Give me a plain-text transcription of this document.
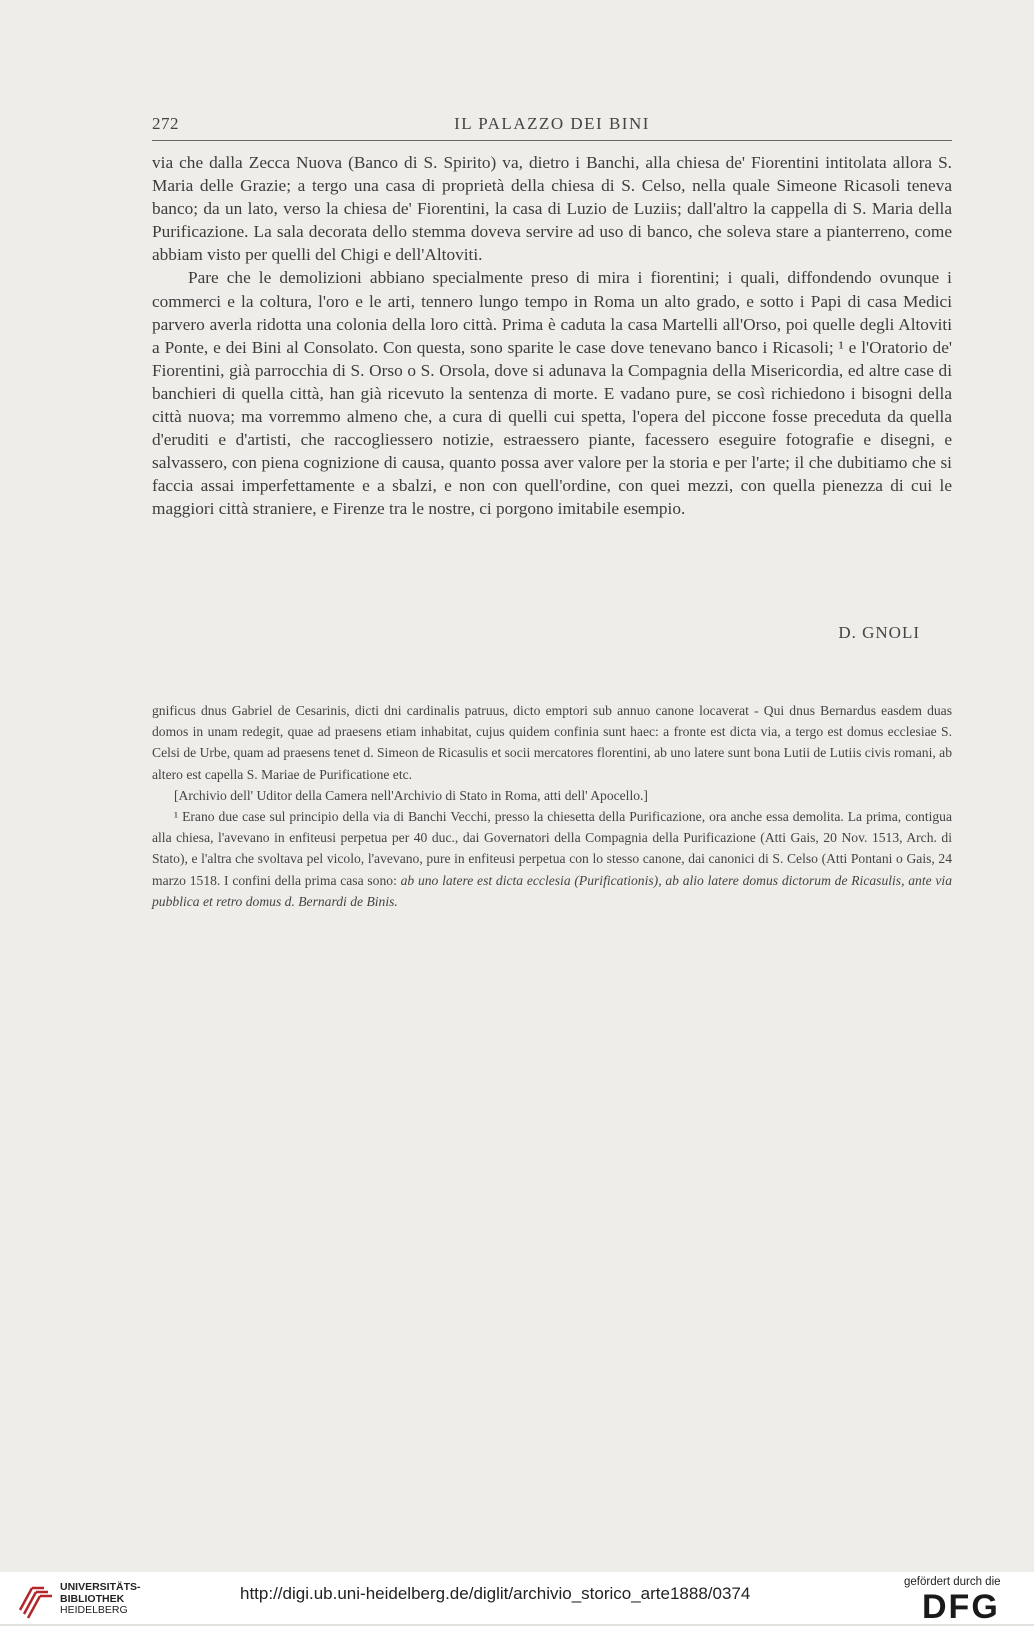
272	IL PALAZZO DEI BINI

via che dalla Zecca Nuova (Banco di S. Spirito) va, dietro i Banchi, alla chiesa de' Fiorentini intitolata allora S. Maria delle Grazie; a tergo una casa di proprietà della chiesa di S. Celso, nella quale Simeone Ricasoli teneva banco; da un lato, verso la chiesa de' Fiorentini, la casa di Luzio de Luziis; dall'altro la cappella di S. Maria della Purificazione. La sala decorata dello stemma doveva servire ad uso di banco, che soleva stare a pianterreno, come abbiam visto per quelli del Chigi e dell'Altoviti.

Pare che le demolizioni abbiano specialmente preso di mira i fiorentini; i quali, diffondendo ovunque i commerci e la coltura, l'oro e le arti, tennero lungo tempo in Roma un alto grado, e sotto i Papi di casa Medici parvero averla ridotta una colonia della loro città. Prima è caduta la casa Martelli all'Orso, poi quelle degli Altoviti a Ponte, e dei Bini al Consolato. Con questa, sono sparite le case dove tenevano banco i Ricasoli; ¹ e l'Oratorio de' Fiorentini, già parrocchia di S. Orso o S. Orsola, dove si adunava la Compagnia della Misericordia, ed altre case di banchieri di quella città, han già ricevuto la sentenza di morte. E vadano pure, se così richiedono i bisogni della città nuova; ma vorremmo almeno che, a cura di quelli cui spetta, l'opera del piccone fosse preceduta da quella d'eruditi e d'artisti, che raccogliessero notizie, estraessero piante, facessero eseguire fotografie e disegni, e salvassero, con piena cognizione di causa, quanto possa aver valore per la storia e per l'arte; il che dubitiamo che si faccia assai imperfettamente e a sbalzi, e non con quell'ordine, con quei mezzi, con quella pienezza di cui le maggiori città straniere, e Firenze tra le nostre, ci porgono imitabile esempio.

D. GNOLI

gnificus dnus Gabriel de Cesarinis, dicti dni cardinalis patruus, dicto emptori sub annuo canone locaverat - Qui dnus Bernardus easdem duas domos in unam redegit, quae ad praesens etiam inhabitat, cujus quidem confinia sunt haec: a fronte est dicta via, a tergo est domus ecclesiae S. Celsi de Urbe, quam ad praesens tenet d. Simeon de Ricasulis et socii mercatores florentini, ab uno latere sunt bona Lutii de Lutiis civis romani, ab altero est capella S. Mariae de Purificatione etc.

[Archivio dell' Uditor della Camera nell'Archivio di Stato in Roma, atti dell' Apocello.]

¹ Erano due case sul principio della via di Banchi Vecchi, presso la chiesetta della Purificazione, ora anche essa demolita. La prima, contigua alla chiesa, l'avevano in enfiteusi perpetua per 40 duc., dai Governatori della Compagnia della Purificazione (Atti Gais, 20 Nov. 1513, Arch. di Stato), e l'altra che svoltava pel vicolo, l'avevano, pure in enfiteusi perpetua con lo stesso canone, dai canonici di S. Celso (Atti Pontani o Gais, 24 marzo 1518. I confini della prima casa sono: ab uno latere est dicta ecclesia (Purificationis), ab alio latere domus dictorum de Ricasulis, ante via pubblica et retro domus d. Bernardi de Binis.

UNIVERSITÄTS-
BIBLIOTHEK
HEIDELBERG
http://digi.ub.uni-heidelberg.de/diglit/archivio_storico_arte1888/0374
gefördert durch die
DFG
